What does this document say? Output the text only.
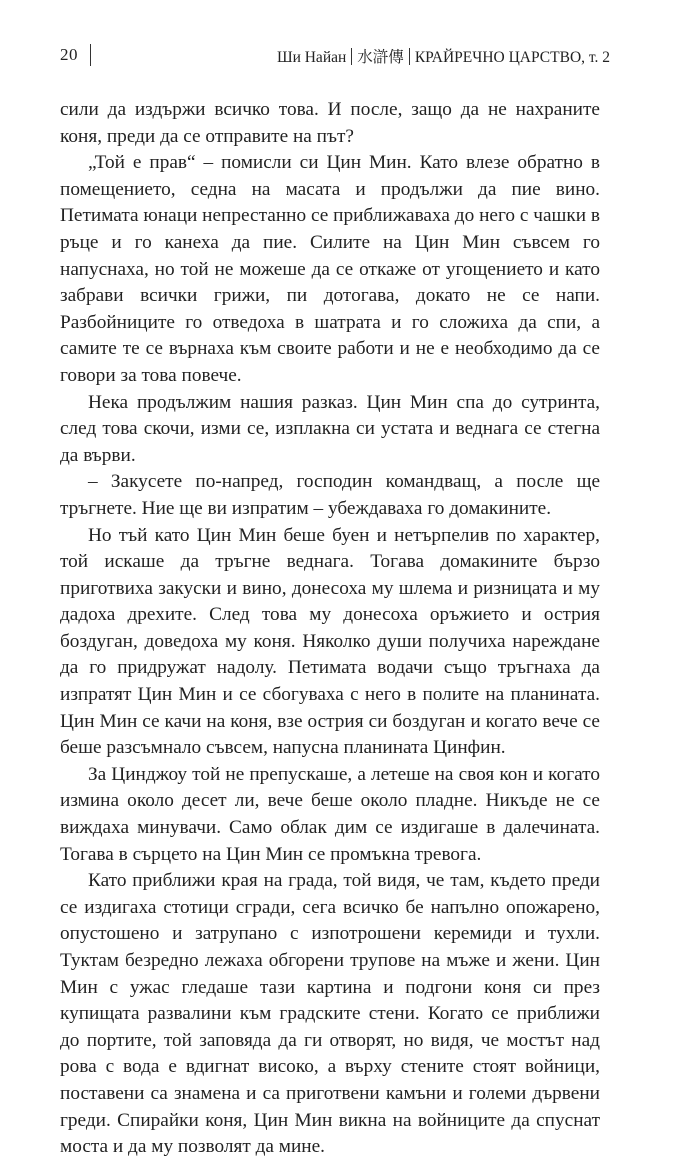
20	Ши Найан 水滸傳 КРАЙРЕЧНО ЦАРСТВО, т. 2

сили да издържи всичко това. И после, защо да не нахраните коня, преди да се отправите на път?

„Той е прав“ – помисли си Цин Мин. Като влезе обратно в помещението, седна на масата и продължи да пие вино. Петимата юнаци непрестанно се приближаваха до него с чашки в ръце и го канеха да пие. Силите на Цин Мин съвсем го напуснаха, но той не можеше да се откаже от угощението и като забрави всички грижи, пи дотогава, докато не се напи. Разбойниците го отведоха в шатрата и го сложиха да спи, а самите те се върнаха към своите работи и не е необходимо да се говори за това повече.

Нека продължим нашия разказ. Цин Мин спа до сутринта, след това скочи, изми се, изплакна си устата и веднага се стегна да върви.

– Закусете по-напред, господин командващ, а после ще тръгнете. Ние ще ви изпратим – убеждаваха го домакините.

Но тъй като Цин Мин беше буен и нетърпелив по характер, той искаше да тръгне веднага. Тогава домакините бързо приготвиха закуски и вино, донесоха му шлема и ризницата и му дадоха дрехите. След това му донесоха оръжието и острия боздуган, доведоха му коня. Няколко души получиха нареждане да го придружат надолу. Петимата водачи също тръгнаха да изпратят Цин Мин и се сбогуваха с него в полите на планината. Цин Мин се качи на коня, взе острия си боздуган и когато вече се беше разсъмнало съвсем, напусна планината Цинфин.

За Цинджоу той не препускаше, а летеше на своя кон и когато измина около десет ли, вече беше около пладне. Никъде не се виждаха минувачи. Само облак дим се издигаше в далечината. Тогава в сърцето на Цин Мин се промъкна тревога.

Като приближи края на града, той видя, че там, където преди се издигаха стотици сгради, сега всичко бе напълно опожарено, опустошено и затрупано с изпотрошени керемиди и тухли. Туктам безредно лежаха обгорени трупове на мъже и жени. Цин Мин с ужас гледаше тази картина и подгони коня си през купищата развалини към градските стени. Когато се приближи до портите, той заповяда да ги отворят, но видя, че мостът над рова с вода е вдигнат високо, а върху стените стоят войници, поставени са знамена и са приготвени камъни и големи дървени греди. Спирайки коня, Цин Мин викна на войниците да спуснат моста и да му позволят да мине.
